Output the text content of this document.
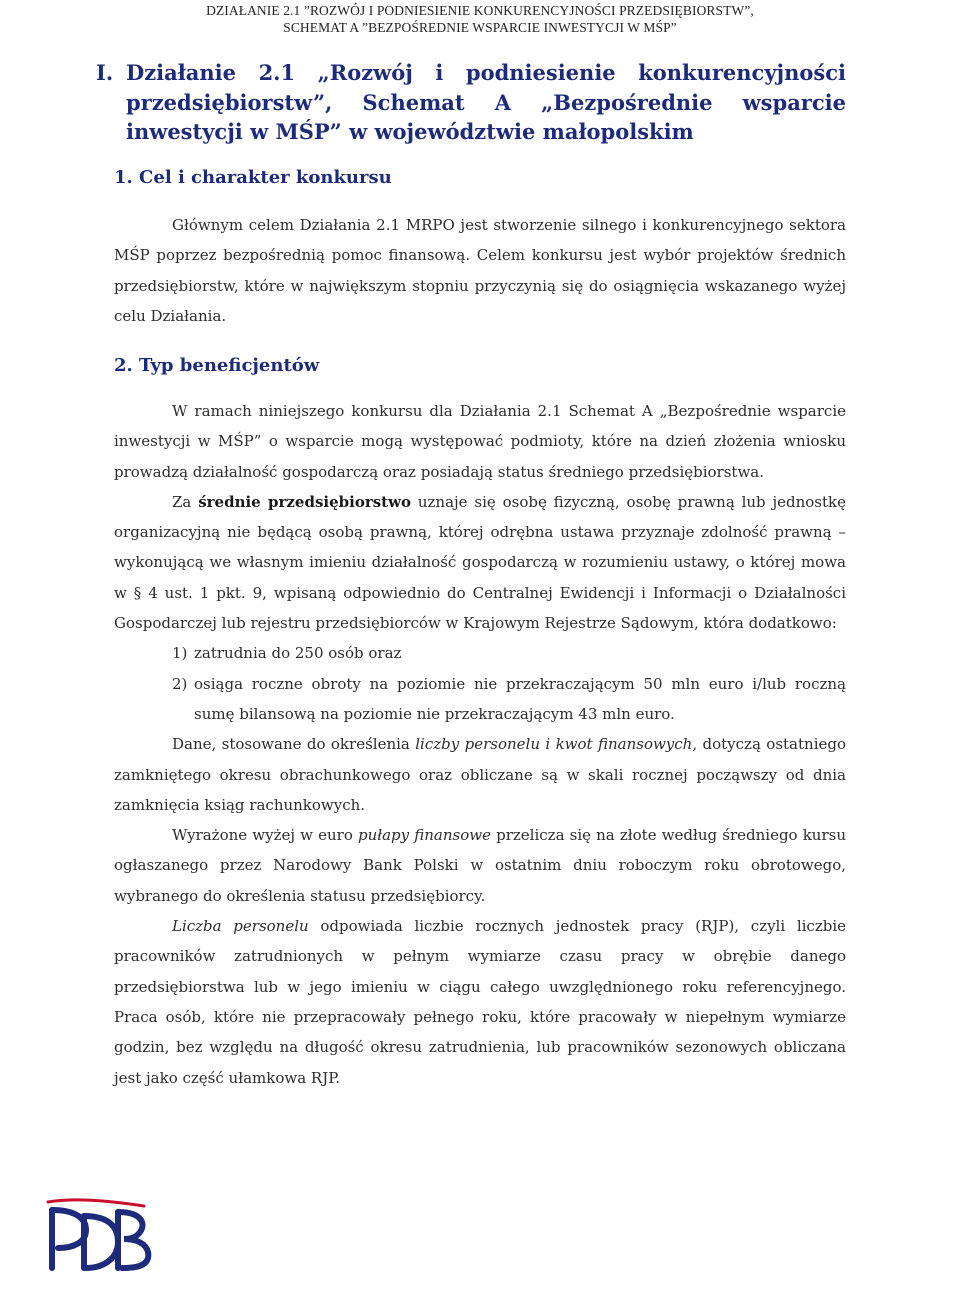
DZIAŁANIE 2.1 ”ROZWÓJ I PODNIESIENIE KONKURENCYJNOŚCI PRZEDSIĘBIORSTW”,
SCHEMAT A ”BEZPOŚREDNIE WSPARCIE INWESTYCJI W MŚP”
I. Działanie 2.1 „Rozwój i podniesienie konkurencyjności
przedsiębiorstw”, Schemat A „Bezpośrednie wsparcie
inwestycji w MŚP” w województwie małopolskim
1. Cel i charakter konkursu

Głównym celem Działania 2.1 MRPO jest stworzenie silnego i konkurencyjnego sektora MŚP poprzez bezpośrednią pomoc finansową. Celem konkursu jest wybór projektów średnich przedsiębiorstw, które w największym stopniu przyczynią się do osiągnięcia wskazanego wyżej celu Działania.

2. Typ beneficjentów

W ramach niniejszego konkursu dla Działania 2.1 Schemat A „Bezpośrednie wsparcie inwestycji w MŚP” o wsparcie mogą występować podmioty, które na dzień złożenia wniosku prowadzą działalność gospodarczą oraz posiadają status średniego przedsiębiorstwa.

Za średnie przedsiębiorstwo uznaje się osobę fizyczną, osobę prawną lub jednostkę organizacyjną nie będącą osobą prawną, której odrębna ustawa przyznaje zdolność prawną – wykonującą we własnym imieniu działalność gospodarczą w rozumieniu ustawy, o której mowa w § 4 ust. 1 pkt. 9, wpisaną odpowiednio do Centralnej Ewidencji i Informacji o Działalności Gospodarczej lub rejestru przedsiębiorców w Krajowym Rejestrze Sądowym, która dodatkowo:

1) zatrudnia do 250 osób oraz

2) osiąga roczne obroty na poziomie nie przekraczającym 50 mln euro i/lub roczną sumę bilansową na poziomie nie przekraczającym 43 mln euro.

Dane, stosowane do określenia liczby personelu i kwot finansowych, dotyczą ostatniego zamkniętego okresu obrachunkowego oraz obliczane są w skali rocznej począwszy od dnia zamknięcia ksiąg rachunkowych.

Wyrażone wyżej w euro pułapy finansowe przelicza się na złote według średniego kursu ogłaszanego przez Narodowy Bank Polski w ostatnim dniu roboczym roku obrotowego, wybranego do określenia statusu przedsiębiorcy.

Liczba personelu odpowiada liczbie rocznych jednostek pracy (RJP), czyli liczbie pracowników zatrudnionych w pełnym wymiarze czasu pracy w obrębie danego przedsiębiorstwa lub w jego imieniu w ciągu całego uwzględnionego roku referencyjnego. Praca osób, które nie przepracowały pełnego roku, które pracowały w niepełnym wymiarze godzin, bez względu na długość okresu zatrudnienia, lub pracowników sezonowych obliczana jest jako część ułamkowa RJP.
